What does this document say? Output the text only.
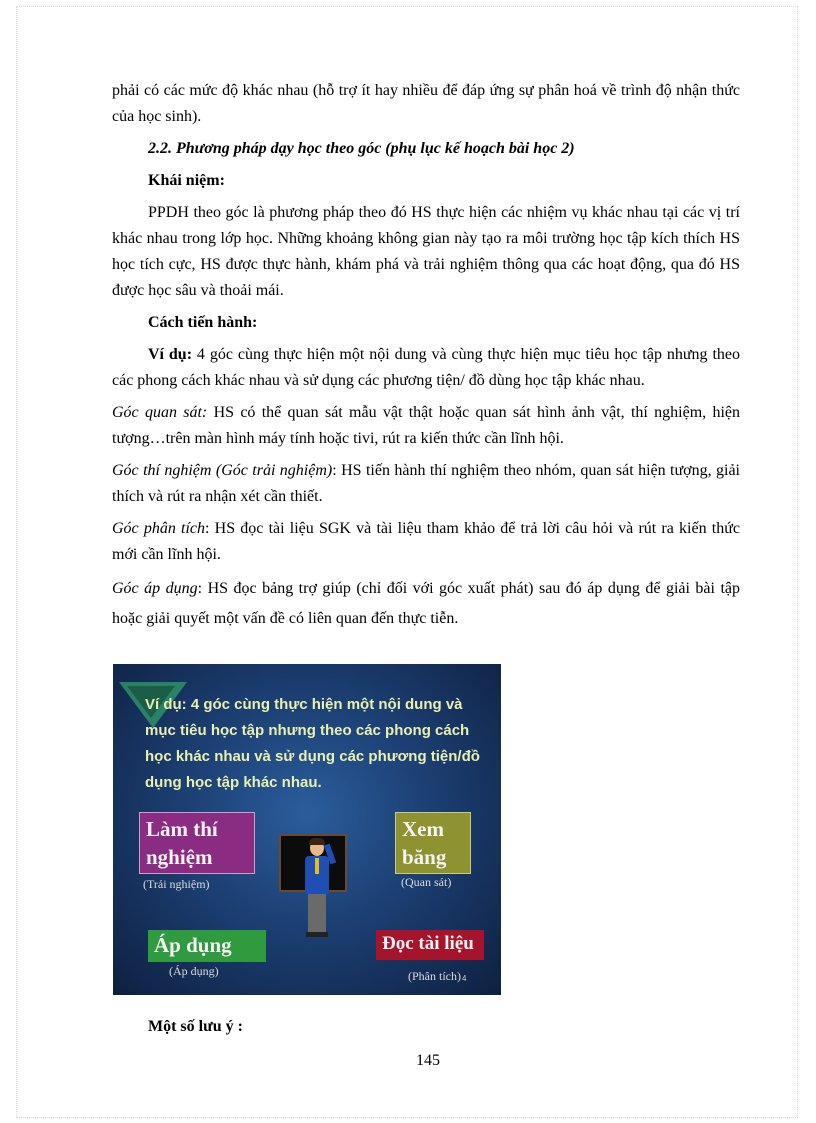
phải có các mức độ khác nhau (hỗ trợ ít hay nhiều để đáp ứng sự phân hoá về trình độ nhận thức của học sinh).

2.2. Phương pháp dạy học theo góc (phụ lục kế hoạch bài học 2)

Khái niệm:

PPDH theo góc là phương pháp theo đó HS thực hiện các nhiệm vụ khác nhau tại các vị trí khác nhau trong lớp học. Những khoảng không gian này tạo ra môi trường học tập kích thích HS học tích cực, HS được thực hành, khám phá và trải nghiệm thông qua các hoạt động, qua đó HS được học sâu và thoải mái.

Cách tiến hành:

Ví dụ: 4 góc cùng thực hiện một nội dung và cùng thực hiện mục tiêu học tập nhưng theo các phong cách khác nhau và sử dụng các phương tiện/ đồ dùng học tập khác nhau.

Góc quan sát: HS có thể quan sát mẫu vật thật hoặc quan sát hình ảnh vật, thí nghiệm, hiện tượng…trên màn hình máy tính hoặc tivi, rút ra kiến thức cần lĩnh hội.

Góc thí nghiệm (Góc trải nghiệm): HS tiến hành thí nghiệm theo nhóm, quan sát hiện tượng, giải thích và rút ra nhận xét cần thiết.

Góc phân tích: HS đọc tài liệu SGK và tài liệu tham khảo để trả lời câu hỏi và rút ra kiến thức mới cần lĩnh hội.

Góc áp dụng: HS đọc bảng trợ giúp (chỉ đối với góc xuất phát) sau đó áp dụng để giải bài tập hoặc giải quyết một vấn đề có liên quan đến thực tiễn.

Ví dụ: 4 góc cùng thực hiện một nội dung và mục tiêu học tập nhưng theo các phong cách học khác nhau và sử dụng các phương tiện/đồ dụng học tập khác nhau.
Làm thí nghiệm
(Trải nghiệm)
Xem băng
(Quan sát)
Áp dụng
(Áp dụng)
Đọc tài liệu
(Phân tích) 4
Một số lưu ý :
145
